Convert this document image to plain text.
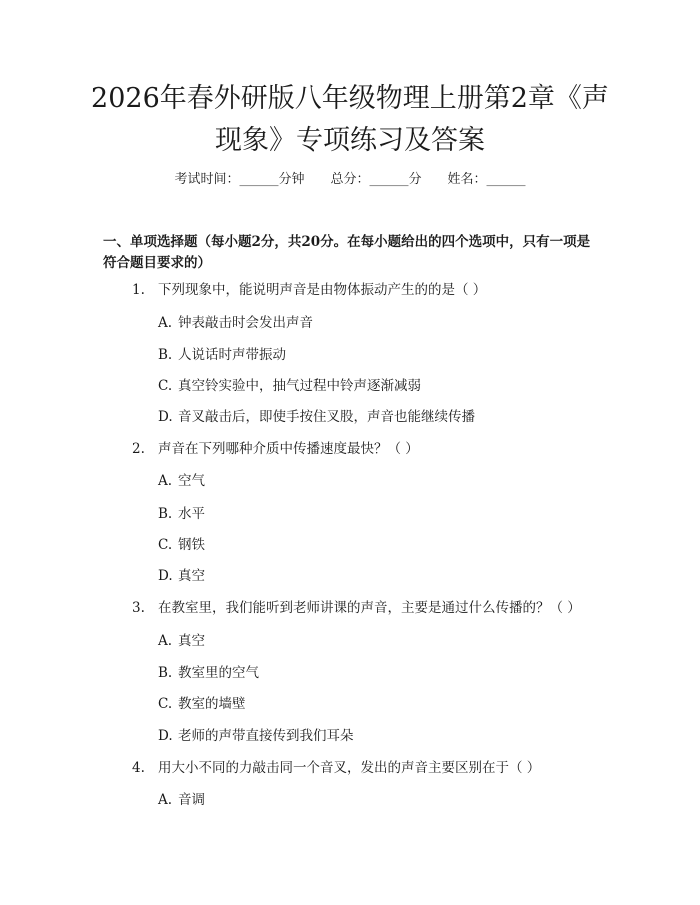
2026年春外研版八年级物理上册第2章《声现象》专项练习及答案
考试时间：______分钟 总分：______分 姓名：______

一、单项选择题（每小题2分，共20分。在每小题给出的四个选项中，只有一项是符合题目要求的）

1. 下列现象中，能说明声音是由物体振动产生的的是（ ）
A. 钟表敲击时会发出声音
B. 人说话时声带振动
C. 真空铃实验中，抽气过程中铃声逐渐减弱
D. 音叉敲击后，即使手按住叉股，声音也能继续传播
2. 声音在下列哪种介质中传播速度最快？（ ）
A. 空气
B. 水平
C. 钢铁
D. 真空
3. 在教室里，我们能听到老师讲课的声音，主要是通过什么传播的？（ ）
A. 真空
B. 教室里的空气
C. 教室的墙壁
D. 老师的声带直接传到我们耳朵
4. 用大小不同的力敲击同一个音叉，发出的声音主要区别在于（ ）
A. 音调
